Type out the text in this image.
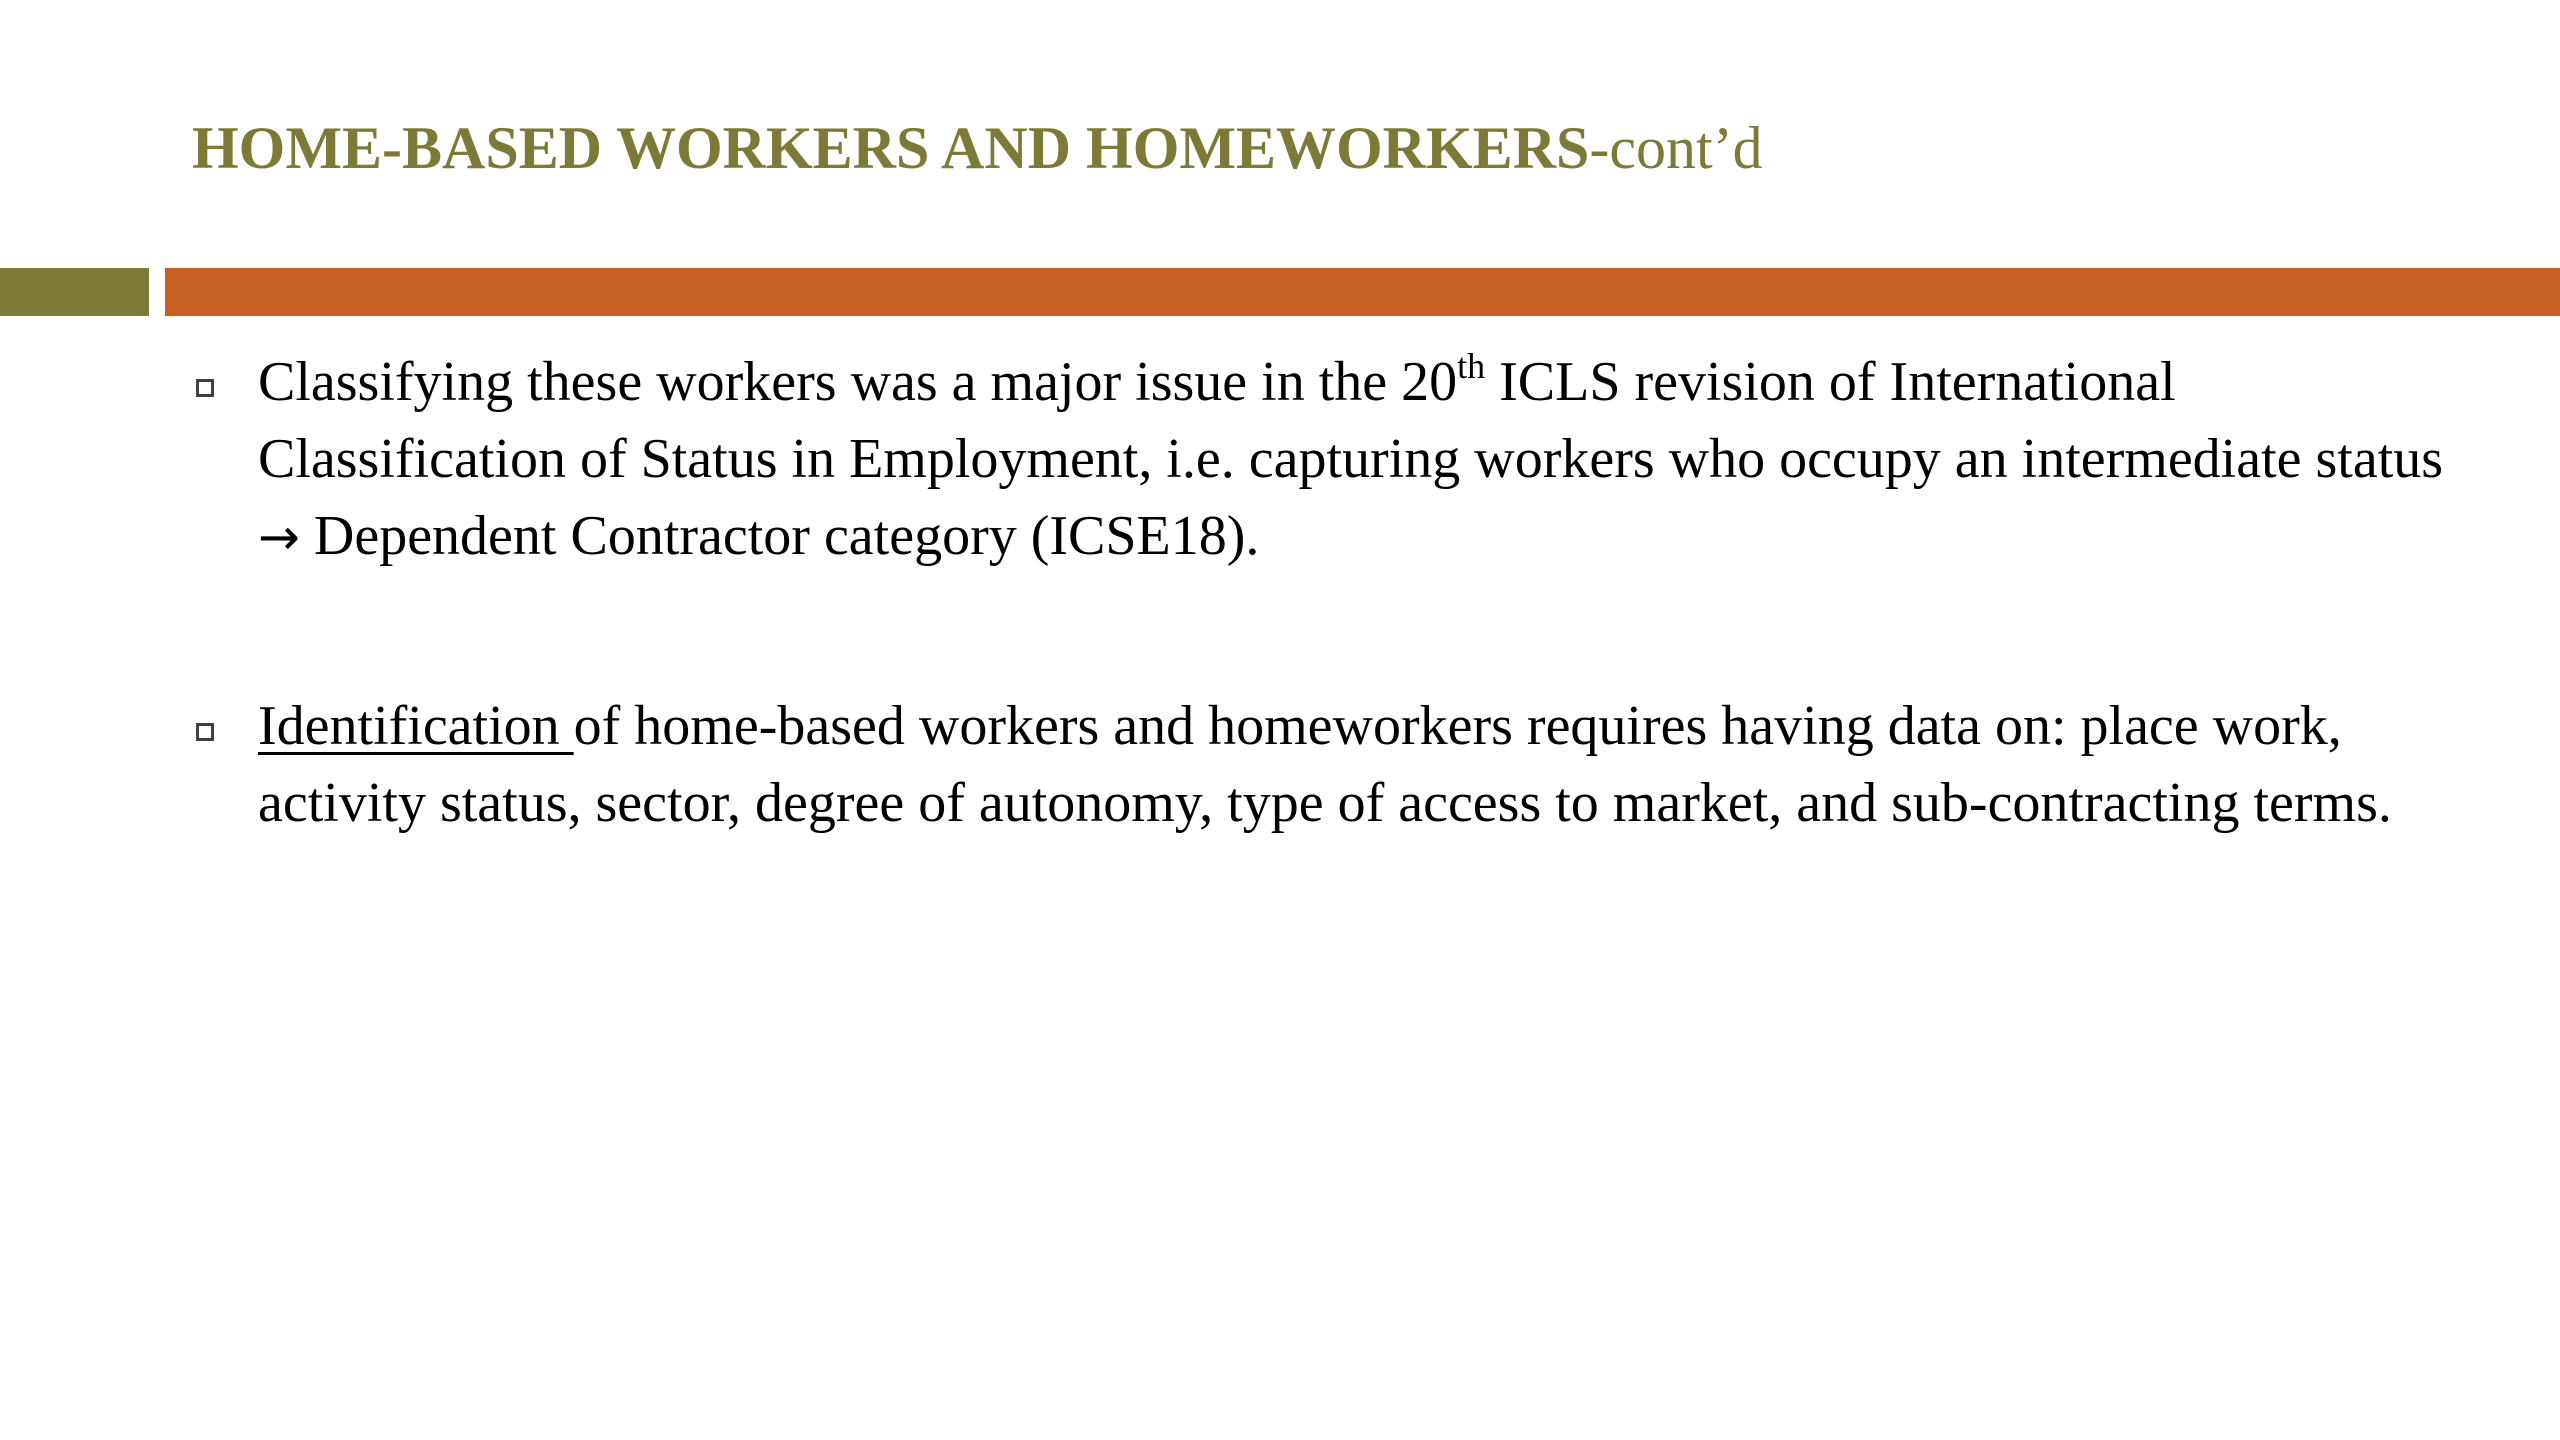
HOME-BASED WORKERS AND HOMEWORKERS-cont’d
Classifying these workers was a major issue in the 20th ICLS revision of International Classification of Status in Employment, i.e. capturing workers who occupy an intermediate status → Dependent Contractor category (ICSE18).
Identification of home-based workers and homeworkers requires having data on: place work, activity status, sector, degree of autonomy, type of access to market, and sub-contracting terms.
